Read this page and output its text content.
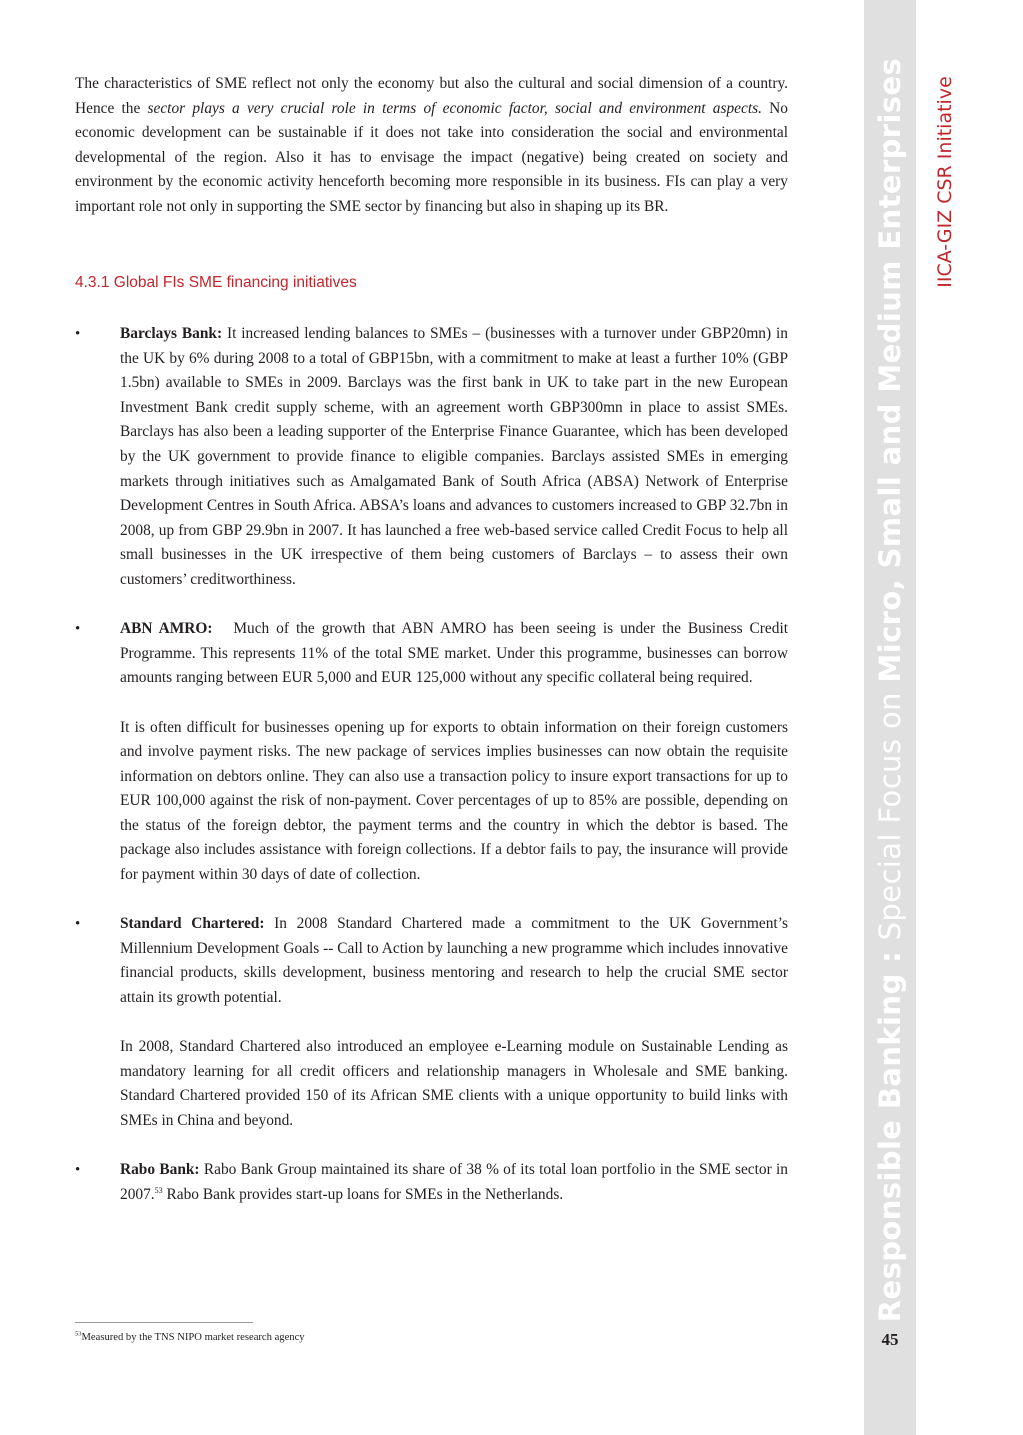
The characteristics of SME reflect not only the economy but also the cultural and social dimension of a country. Hence the sector plays a very crucial role in terms of economic factor, social and environment aspects. No economic development can be sustainable if it does not take into consideration the social and environmental developmental of the region. Also it has to envisage the impact (negative) being created on society and environment by the economic activity henceforth becoming more responsible in its business. FIs can play a very important role not only in supporting the SME sector by financing but also in shaping up its BR.

4.3.1 Global FIs SME financing initiatives
•	Barclays Bank: It increased lending balances to SMEs – (businesses with a turnover under GBP20mn) in the UK by 6% during 2008 to a total of GBP15bn, with a commitment to make at least a further 10% (GBP 1.5bn) available to SMEs in 2009. Barclays was the first bank in UK to take part in the new European Investment Bank credit supply scheme, with an agreement worth GBP300mn in place to assist SMEs. Barclays has also been a leading supporter of the Enterprise Finance Guarantee, which has been developed by the UK government to provide finance to eligible companies. Barclays assisted SMEs in emerging markets through initiatives such as Amalgamated Bank of South Africa (ABSA) Network of Enterprise Development Centres in South Africa. ABSA’s loans and advances to customers increased to GBP 32.7bn in 2008, up from GBP 29.9bn in 2007. It has launched a free web-based service called Credit Focus to help all small businesses in the UK irrespective of them being customers of Barclays – to assess their own customers’ creditworthiness.

•	ABN AMRO: Much of the growth that ABN AMRO has been seeing is under the Business Credit Programme. This represents 11% of the total SME market. Under this programme, businesses can borrow amounts ranging between EUR 5,000 and EUR 125,000 without any specific collateral being required.

It is often difficult for businesses opening up for exports to obtain information on their foreign customers and involve payment risks. The new package of services implies businesses can now obtain the requisite information on debtors online. They can also use a transaction policy to insure export transactions for up to EUR 100,000 against the risk of non-payment. Cover percentages of up to 85% are possible, depending on the status of the foreign debtor, the payment terms and the country in which the debtor is based. The package also includes assistance with foreign collections. If a debtor fails to pay, the insurance will provide for payment within 30 days of date of collection.

•	Standard Chartered: In 2008 Standard Chartered made a commitment to the UK Government’s Millennium Development Goals -- Call to Action by launching a new programme which includes innovative financial products, skills development, business mentoring and research to help the crucial SME sector attain its growth potential.

In 2008, Standard Chartered also introduced an employee e-Learning module on Sustainable Lending as mandatory learning for all credit officers and relationship managers in Wholesale and SME banking. Standard Chartered provided 150 of its African SME clients with a unique opportunity to build links with SMEs in China and beyond.

•	Rabo Bank: Rabo Bank Group maintained its share of 38 % of its total loan portfolio in the SME sector in 2007.53 Rabo Bank provides start-up loans for SMEs in the Netherlands.

$^{53}$Measured by the TNS NIPO market research agency
Responsible Banking : Special Focus on Micro, Small and Medium Enterprises IICA-GIZ CSR Initiative
45
